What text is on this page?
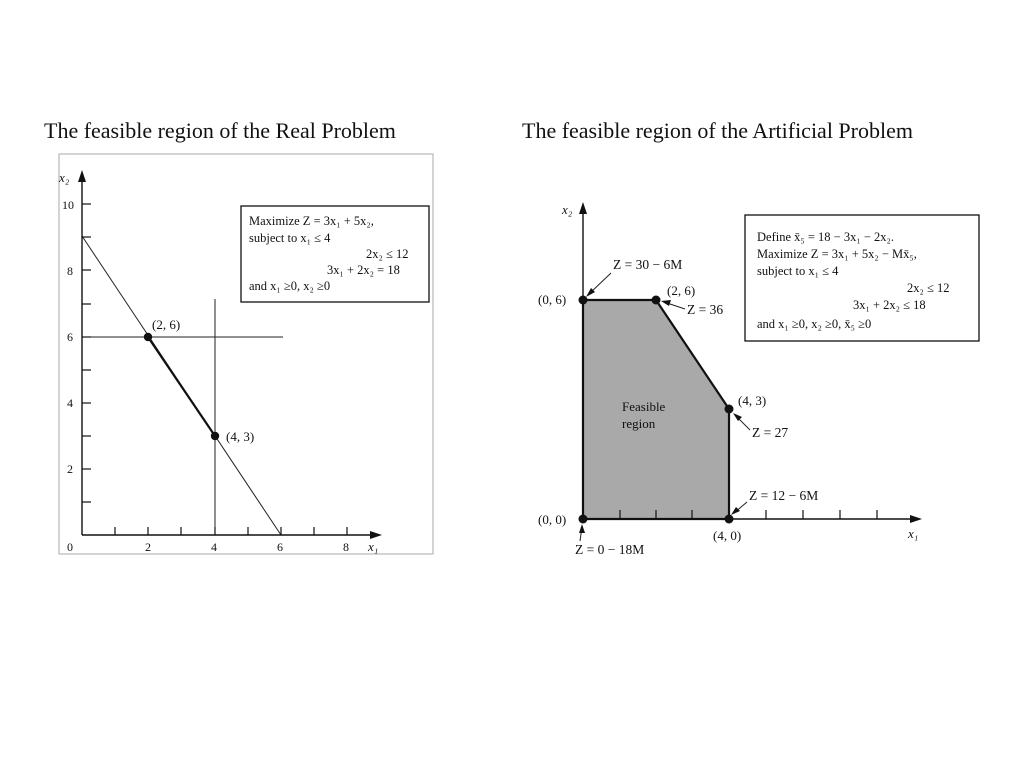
The feasible region of the Real Problem	The feasible region of the Artificial Problem
0	2	4	6	8
2
4
6
8
10
x₂
x₁
(2, 6)
(4, 3)
Maximize Z = 3x₁ + 5x₂,
subject to x₁ ≤ 4
2x₂ ≤ 12
3x₁ + 2x₂ = 18
and x₁ ≥0, x₂ ≥0
x₂
x₁
(0, 0)
(0, 6)
(2, 6)
(4, 3)
(4, 0)
Z = 30 − 6M
Z = 36
Z = 27
Z = 12 − 6M
Z = 0 − 18M
Feasible
region
Define x̄₅ = 18 − 3x₁ − 2x₂.
Maximize Z = 3x₁ + 5x₂ − Mx̄₅,
subject to x₁ ≤ 4
2x₂ ≤ 12
3x₁ + 2x₂ ≤ 18
and x₁ ≥0, x₂ ≥0, x̄₅ ≥0
